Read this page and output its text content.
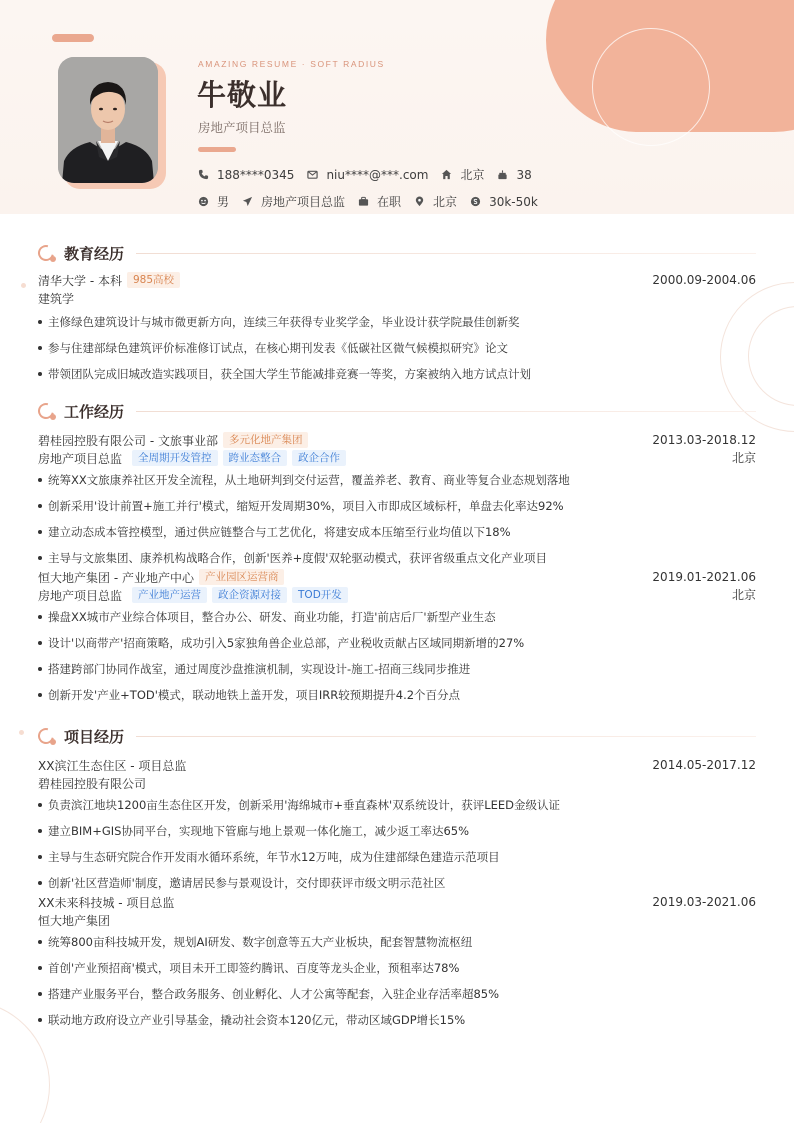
AMAZING RESUME · SOFT RADIUS
牛敬业
房地产项目总监
188****0345	niu****@***.com	北京	38
男	房地产项目总监	在职	北京	30k-50k
教育经历
清华大学 - 本科	985高校	2000.09-2004.06
建筑学
主修绿色建筑设计与城市微更新方向，连续三年获得专业奖学金，毕业设计获学院最佳创新奖
参与住建部绿色建筑评价标准修订试点，在核心期刊发表《低碳社区微气候模拟研究》论文
带领团队完成旧城改造实践项目，获全国大学生节能减排竞赛一等奖，方案被纳入地方试点计划
工作经历
碧桂园控股有限公司 - 文旅事业部	多元化地产集团	2013.03-2018.12
房地产项目总监	全周期开发管控	跨业态整合	政企合作	北京
统筹XX文旅康养社区开发全流程，从土地研判到交付运营，覆盖养老、教育、商业等复合业态规划落地
创新采用'设计前置+施工并行'模式，缩短开发周期30%，项目入市即成区域标杆，单盘去化率达92%
建立动态成本管控模型，通过供应链整合与工艺优化，将建安成本压缩至行业均值以下18%
主导与文旅集团、康养机构战略合作，创新'医养+度假'双轮驱动模式，获评省级重点文化产业项目
恒大地产集团 - 产业地产中心	产业园区运营商	2019.01-2021.06
房地产项目总监	产业地产运营	政企资源对接	TOD开发	北京
操盘XX城市产业综合体项目，整合办公、研发、商业功能，打造'前店后厂'新型产业生态
设计'以商带产'招商策略，成功引入5家独角兽企业总部，产业税收贡献占区域同期新增的27%
搭建跨部门协同作战室，通过周度沙盘推演机制，实现设计-施工-招商三线同步推进
创新开发'产业+TOD'模式，联动地铁上盖开发，项目IRR较预期提升4.2个百分点
项目经历
XX滨江生态住区 - 项目总监	2014.05-2017.12
碧桂园控股有限公司
负责滨江地块1200亩生态住区开发，创新采用'海绵城市+垂直森林'双系统设计，获评LEED金级认证
建立BIM+GIS协同平台，实现地下管廊与地上景观一体化施工，减少返工率达65%
主导与生态研究院合作开发雨水循环系统，年节水12万吨，成为住建部绿色建造示范项目
创新'社区营造师'制度，邀请居民参与景观设计，交付即获评市级文明示范社区
XX未来科技城 - 项目总监	2019.03-2021.06
恒大地产集团
统筹800亩科技城开发，规划AI研发、数字创意等五大产业板块，配套智慧物流枢纽
首创'产业预招商'模式，项目未开工即签约腾讯、百度等龙头企业，预租率达78%
搭建产业服务平台，整合政务服务、创业孵化、人才公寓等配套，入驻企业存活率超85%
联动地方政府设立产业引导基金，撬动社会资本120亿元，带动区域GDP增长15%
